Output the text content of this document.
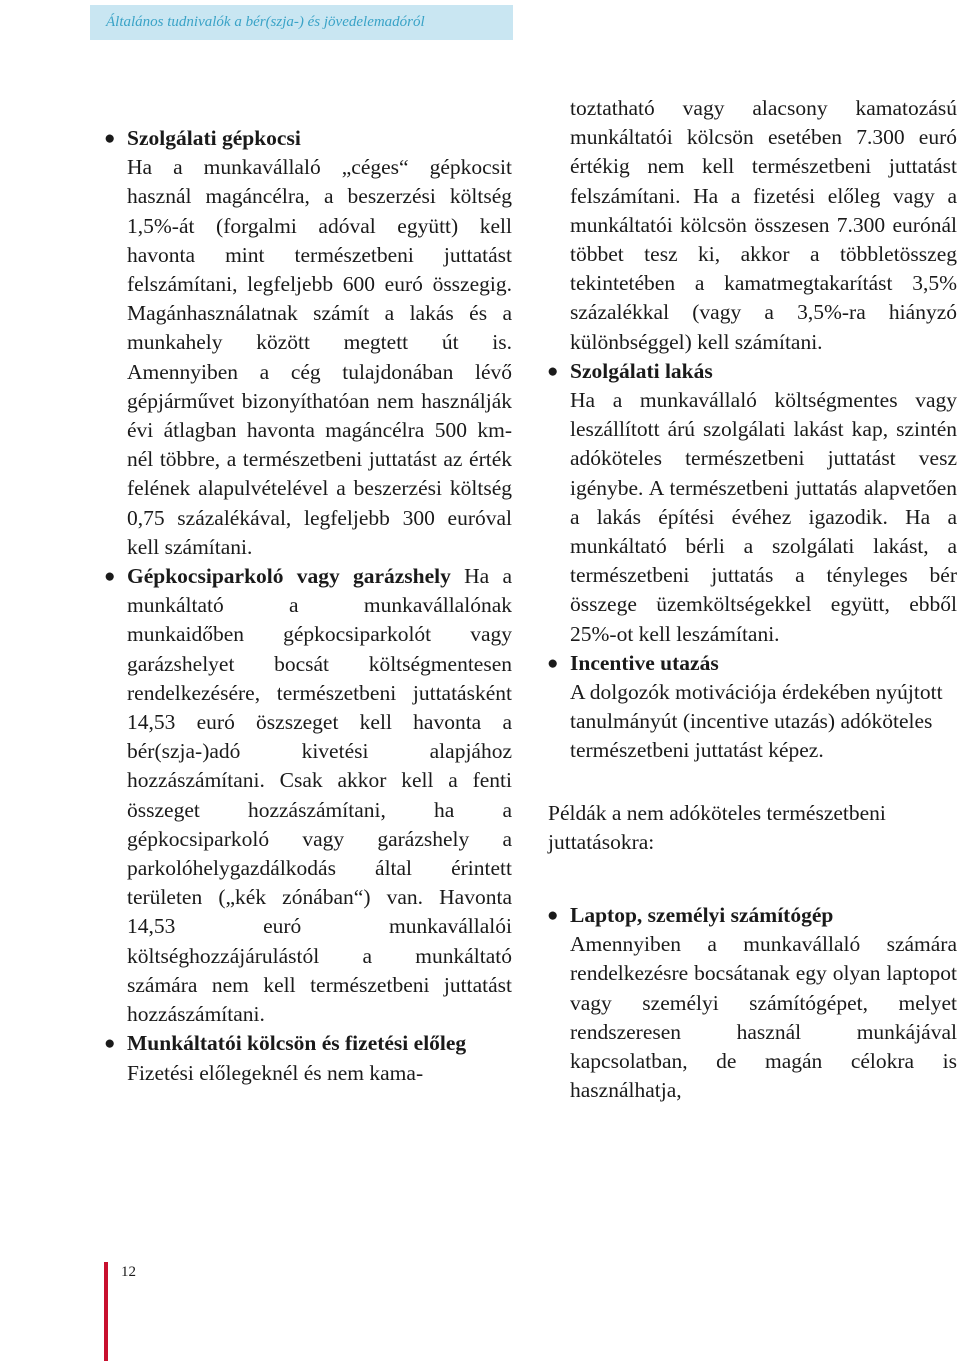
Általános tudnivalók a bér(szja-) és jövedelemadóról
● Szolgálati gépkocsi
Ha a munkavállaló „céges“ gépkocsit használ magáncélra, a beszerzési költség 1,5%-át (forgalmi adóval együtt) kell havonta mint természetbeni juttatást felszámítani, legfeljebb 600 euró összegig. Magánhasználatnak számít a lakás és a munkahely között megtett út is. Amennyiben a cég tulajdonában lévő gépjárművet bizonyíthatóan nem használják évi átlagban havonta magáncélra 500 km-nél többre, a természetbeni juttatást az érték felének alapulvételével a beszerzési költség 0,75 százalékával, legfeljebb 300 euróval kell számítani.
● Gépkocsiparkoló vagy garázshely Ha a munkáltató a munkavállalónak munkaidőben gépkocsiparkolót vagy garázshelyet bocsát költségmentesen rendelkezésére, természetbeni juttatásként 14,53 euró öszszeget kell havonta a bér(szja-)adó kivetési alapjához hozzászámítani. Csak akkor kell a fenti összeget hozzászámítani, ha a gépkocsiparkoló vagy garázshely a parkolóhelygazdálkodás által érintett területen („kék zónában“) van. Havonta 14,53 euró munkavállalói költséghozzájárulástól a munkáltató számára nem kell természetbeni juttatást hozzászámítani.
● Munkáltatói kölcsön és fizetési előleg
Fizetési előlegeknél és nem kama-
toztatható vagy alacsony kamatozású munkáltatói kölcsön esetében 7.300 euró értékig nem kell természetbeni juttatást felszámítani. Ha a fizetési előleg vagy a munkáltatói kölcsön összesen 7.300 eurónál többet tesz ki, akkor a többletösszeg tekintetében a kamatmegtakarítást 3,5% százalékkal (vagy a 3,5%-ra hiányzó különbséggel) kell számítani.
● Szolgálati lakás
Ha a munkavállaló költségmentes vagy leszállított árú szolgálati lakást kap, szintén adóköteles természetbeni juttatást vesz igénybe. A természetbeni juttatás alapvetően a lakás építési évéhez igazodik. Ha a munkáltató bérli a szolgálati lakást, a természetbeni juttatás a tényleges bér összege üzemköltségekkel együtt, ebből 25%-ot kell leszámítani.
● Incentive utazás
A dolgozók motivációja érdekében nyújtott tanulmányút (incentive utazás) adóköteles természetbeni juttatást képez.
Példák a nem adóköteles természetbeni juttatásokra:
● Laptop, személyi számítógép
Amennyiben a munkavállaló számára rendelkezésre bocsátanak egy olyan laptopot vagy személyi számítógépet, melyet rendszeresen használ munkájával kapcsolatban, de magán célokra is használhatja,
12
